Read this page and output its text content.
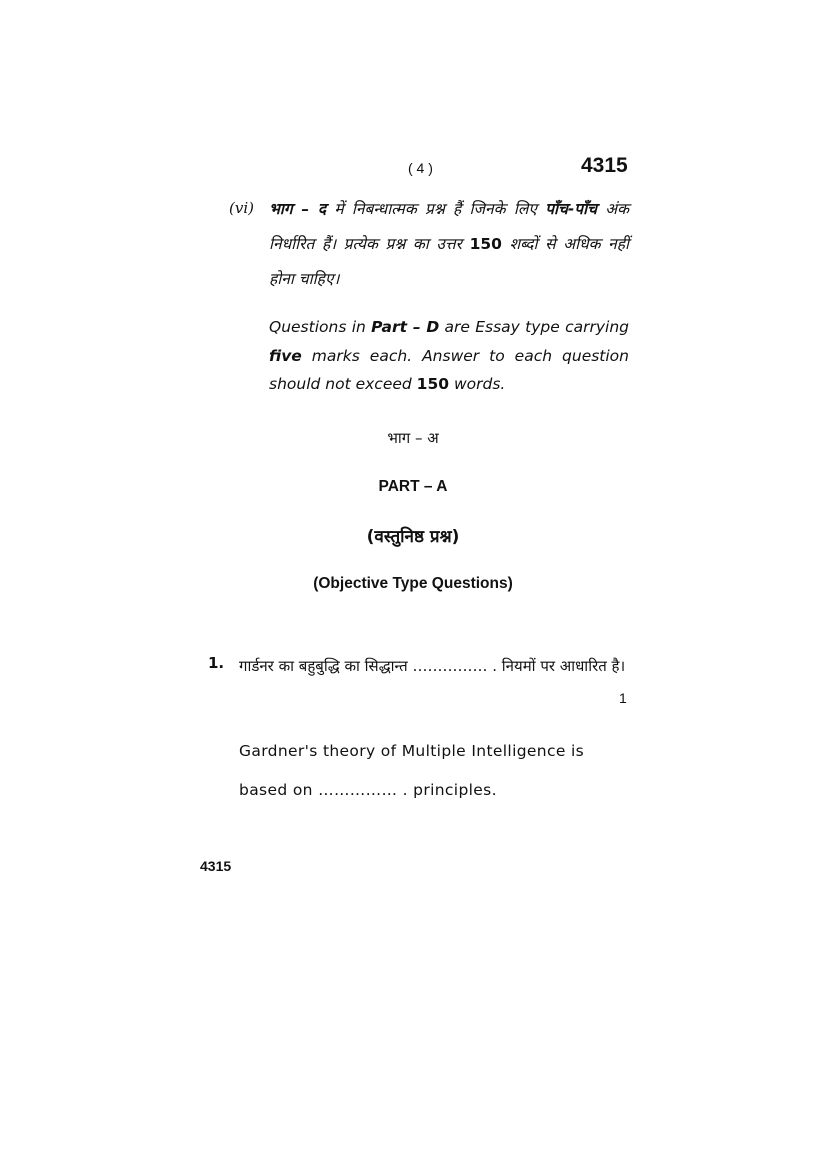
( 4 )	4315
(vi) भाग – द में निबन्धात्मक प्रश्न हैं जिनके लिए पाँच-पाँच अंक निर्धारित हैं। प्रत्येक प्रश्न का उत्तर 150 शब्दों से अधिक नहीं होना चाहिए।
Questions in Part – D are Essay type carrying five marks each. Answer to each question should not exceed 150 words.
भाग – अ
PART – A
(वस्तुनिष्ठ प्रश्न)
(Objective Type Questions)
1. गार्डनर का बहुबुद्धि का सिद्धान्त …………… . नियमों पर आधारित है।
1
Gardner's theory of Multiple Intelligence is based on …………… . principles.
4315
